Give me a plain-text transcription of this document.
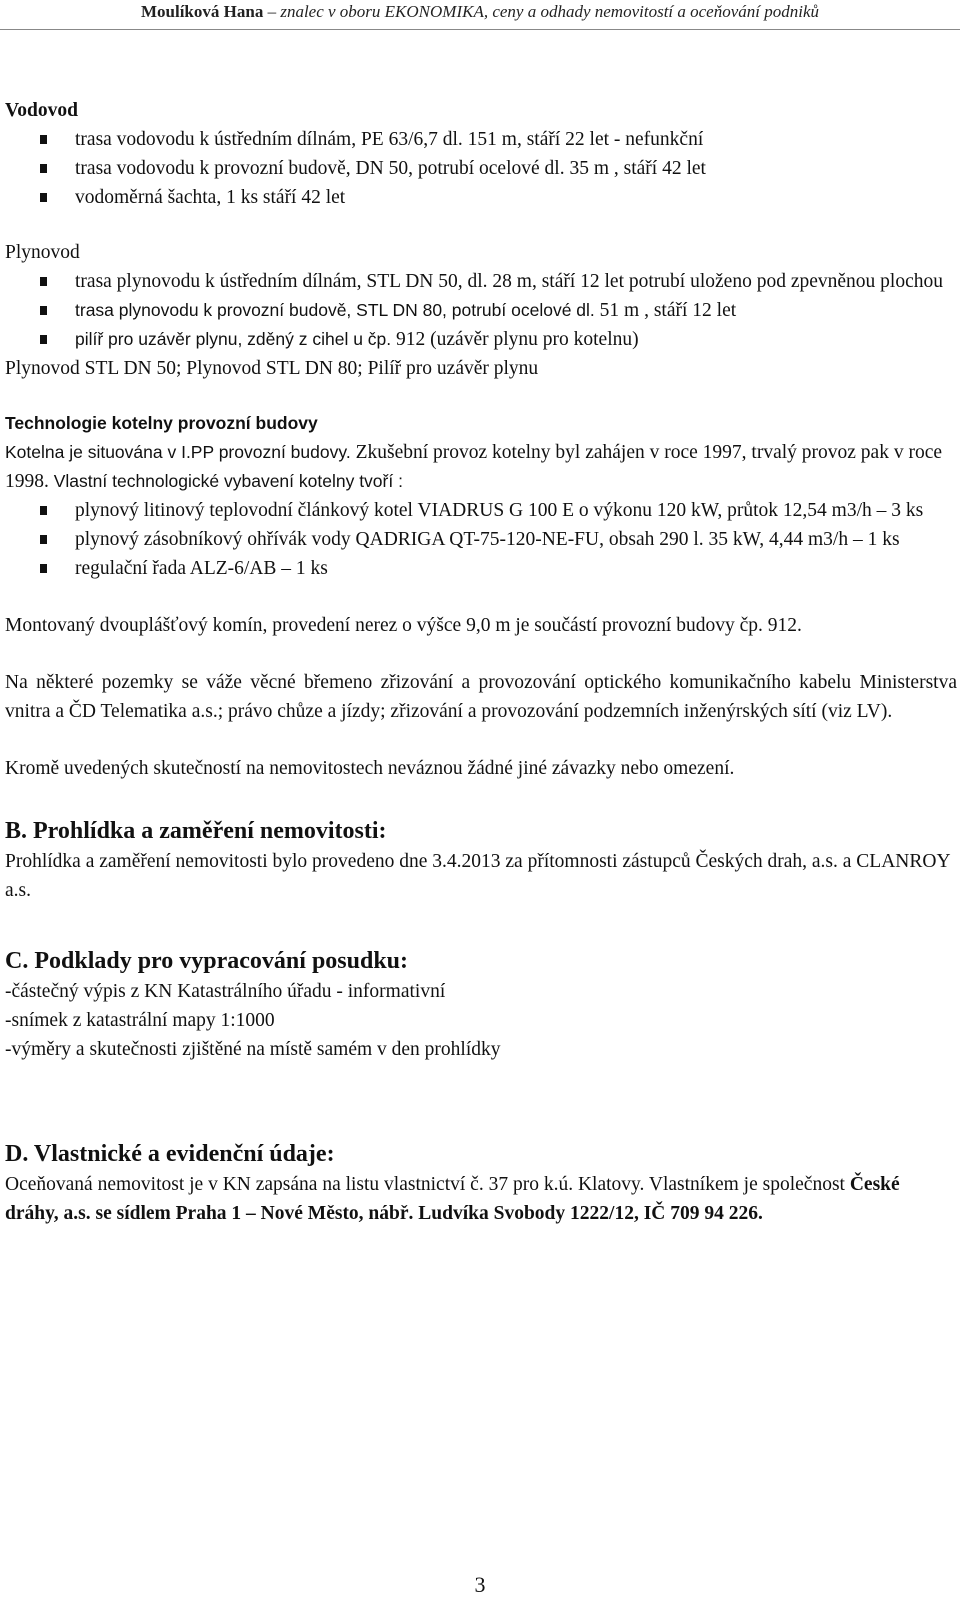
Moulíková Hana – znalec v oboru EKONOMIKA, ceny a odhady nemovitostí a oceňování podniků

Vodovod

trasa vodovodu k ústředním dílnám, PE 63/6,7 dl. 151 m, stáří 22 let - nefunkční
trasa vodovodu k provozní budově, DN 50, potrubí ocelové dl. 35 m , stáří 42 let
vodoměrná šachta, 1 ks stáří 42 let

Plynovod

trasa plynovodu k ústředním dílnám, STL DN 50, dl. 28 m, stáří 12 let potrubí uloženo pod zpevněnou plochou
trasa plynovodu k provozní budově, STL DN 80, potrubí ocelové dl. 51 m , stáří 12 let
pilíř pro uzávěr plynu, zděný z cihel u čp. 912 (uzávěr plynu pro kotelnu)

Plynovod STL DN 50; Plynovod STL DN 80; Pilíř pro uzávěr plynu

Technologie kotelny provozní budovy

Kotelna je situována v I.PP provozní budovy. Zkušební provoz kotelny byl zahájen v roce 1997, trvalý provoz pak v roce 1998. Vlastní technologické vybavení kotelny tvoří :

plynový litinový teplovodní článkový kotel VIADRUS G 100 E o výkonu 120 kW, průtok 12,54 m3/h – 3 ks
plynový zásobníkový ohřívák vody QADRIGA QT-75-120-NE-FU, obsah 290 l. 35 kW, 4,44 m3/h – 1 ks
regulační řada ALZ-6/AB – 1 ks

Montovaný dvouplášťový komín, provedení nerez o výšce 9,0 m je součástí provozní budovy čp. 912.

Na některé pozemky se váže věcné břemeno zřizování a provozování optického komunikačního kabelu Ministerstva vnitra a ČD Telematika a.s.; právo chůze a jízdy; zřizování a provozování podzemních inženýrských sítí (viz LV).

Kromě uvedených skutečností na nemovitostech neváznou žádné jiné závazky nebo omezení.

B. Prohlídka a zaměření nemovitosti:

Prohlídka a zaměření nemovitosti bylo provedeno dne 3.4.2013 za přítomnosti zástupců Českých drah, a.s. a CLANROY a.s.

C. Podklady pro vypracování posudku:

-částečný výpis z KN Katastrálního úřadu - informativní

-snímek z katastrální mapy 1:1000

-výměry a skutečnosti zjištěné na místě samém v den prohlídky

D. Vlastnické a evidenční údaje:

Oceňovaná nemovitost je v KN zapsána na listu vlastnictví č. 37 pro k.ú. Klatovy. Vlastníkem je společnost České dráhy, a.s. se sídlem Praha 1 – Nové Město, nábř. Ludvíka Svobody 1222/12, IČ 709 94 226.

3
